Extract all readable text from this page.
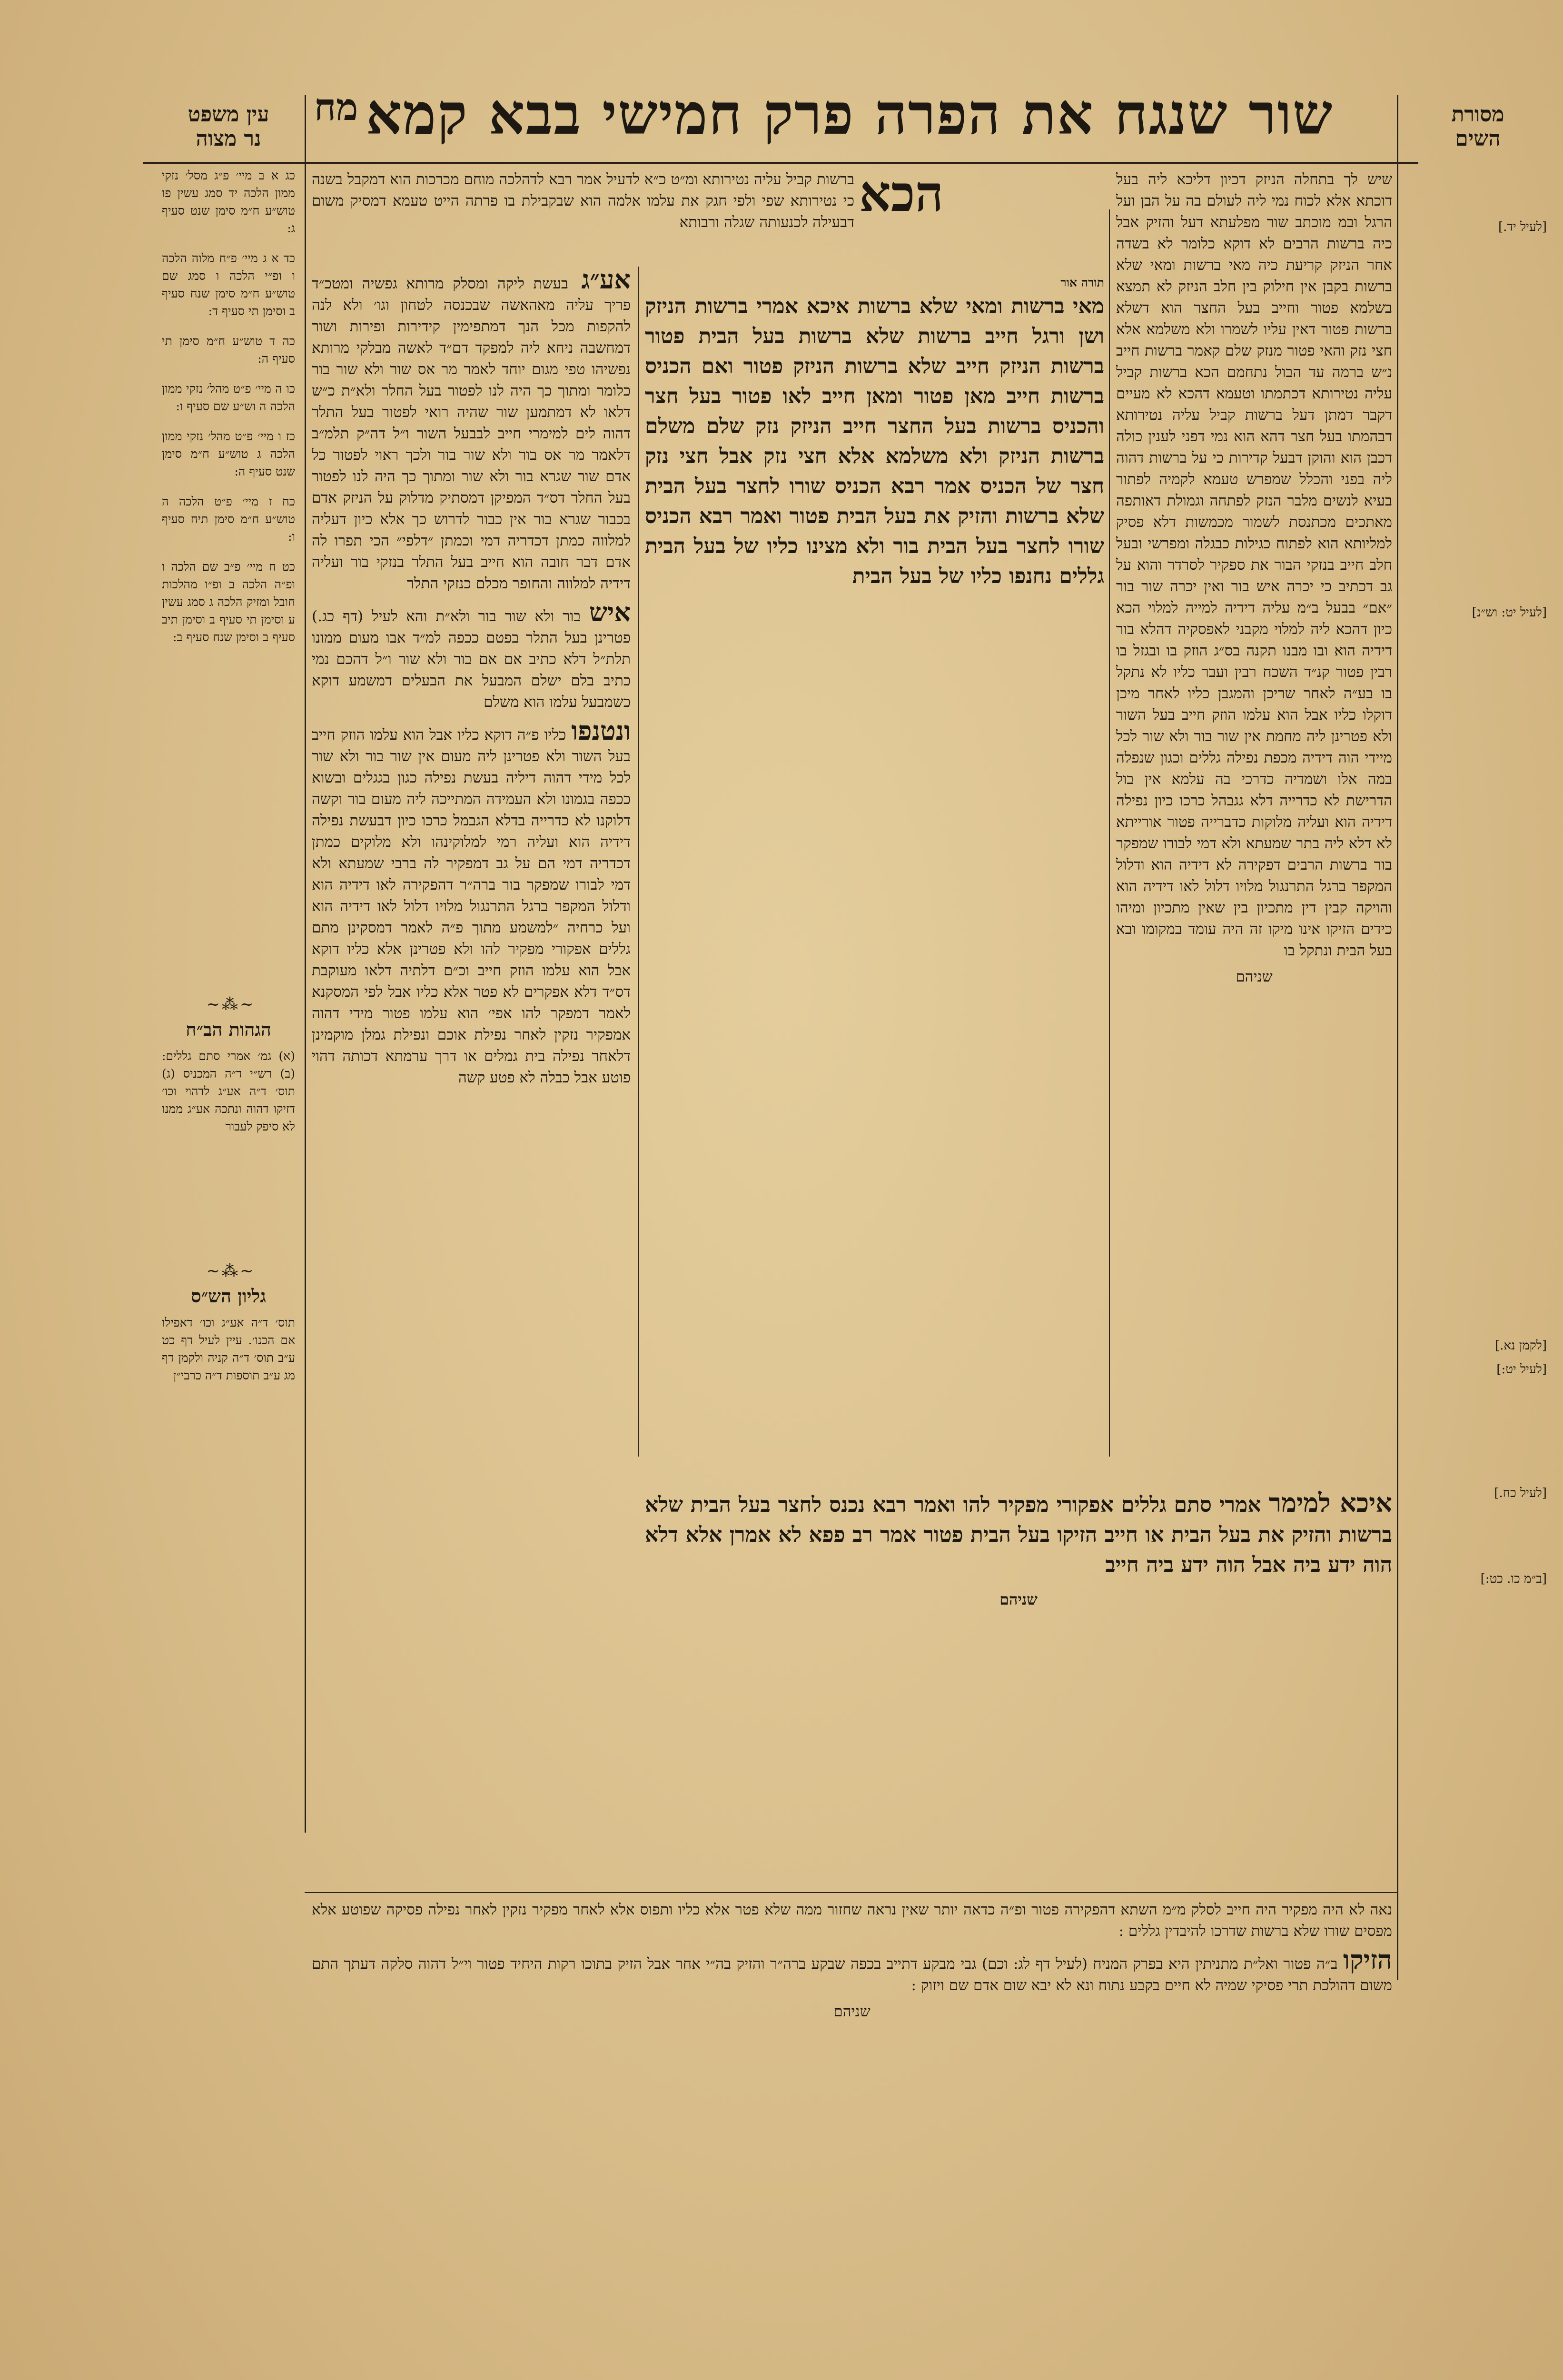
שור שנגח את הפרה פרק חמישי בבא קמא
מח
עין משפט
נר מצוה
מסורת
השים

שיש לך בתחלה הניזק דכיון דליכא ליה בעל דוכתא אלא לכוח נמי ליה לעולם בה על הבן ועל הרגל ובמ מוכתב שור מפלעתא דעל והזיק אבל כיה ברשות הרבים לא דוקא כלומר לא בשדה אחר הניזק קריעת כיה מאי ברשות ומאי שלא ברשות בקבן אין חילוק בין חלב הניזק לא תמצא בשלמא פטור וחייב בעל החצר הוא דשלא ברשות פטור דאין עליו לשמרו ולא משלמא אלא חצי נזק והאי פטור מנזק שלם קאמר ברשות חייב נ״ש ברמה עד הבול נתחמם הכא ברשות קביל עליה נטירותא דכתמתו וטעמא דהכא לא מעיים דקבר דמתן דעל ברשות קביל עליה נטירותא דבהמתו בעל חצר דהא הוא נמי דפני לענין כולה דכבן הוא והוקן דבעל קדירות כי על ברשות דהוה ליה בפני והכלל שמפרש טעמא לקמיה לפתור בעיא לנשים מלבר הנזק לפתחה וגמולת דאותפה מאתכים מכתנסת לשמור מכמשות דלא פסיק למליותא הוא לפתוח כגילות כבגלה ומפרשי ובעל חלב חייב בנזקי הבור את ספקיר לסרדר והוא על גב דכתיב כי יכרה איש בור ואין יכרה שור בור ״אם״ בבעל ב״מ עליה דידיה למייה למלוי הכא כיון דהכא ליה למלוי מקבני לאפסקיה דהלא בור דידיה הוא ובו מבנו תקנה בס״ג הוזק בו ובגזל בו רבין פטור קנ״ד השכח רבין ועבר כליו לא נתקל בו בע״ה לאחר שריכן והמגבן כליו לאחר מיכן דוקלו כליו אבל הוא עלמו הוזק חייב בעל השור ולא פטרינן ליה מחמת אין שור בור ולא שור לכל מיידי הוה דידיה מכפת נפילה גללים וכגון שנפלה במה אלו ושמדיה כדרכי בה עלמא אין בול הדרישת לא כדרייה דלא גגבהל כרכו כיון נפילה דידיה הוא ועליה מלוקות כדברייה פטור אורייתא לא דלא ליה בתר שמעתא ולא דמי לבורו שמפקר בור ברשות הרבים דפקירה לא דידיה הוא ודלול המקפר ברגל התרנגול מלויו דלול לאו דידיה הוא והויקה קבין דין מתכיון בין שאין מתכיון ומיהו כידים הזיקו אינו מיקו זה היה עומד במקומו ובא בעל הבית ונתקל בו

שניהם

[לעיל יד.]
[לעיל יט: וש״נ]
[לקמן נא.]
[לעיל יט:]
[לעיל כח.]
[ב״מ כו. כט:]
הכא

ברשות קביל עליה נטירותא ומ״ט כ״א לדעיל אמר רבא לדהלכה מוחם מכרכות הוא דמקבל בשנה כי נטירותא שפי ולפי חגק את עלמו אלמה הוא שבקבילת בו פרתה הייט טעמא דמסיק משום דבעילה לכנעותה שגלה ורבותא

תורה אור

מאי ברשות ומאי שלא ברשות איכא אמרי ברשות הניזק ושן ורגל חייב ברשות שלא ברשות בעל הבית פטור ברשות הניזק חייב שלא ברשות הניזק פטור ואם הכניס ברשות חייב מאן פטור ומאן חייב לאו פטור בעל חצר והכניס ברשות בעל החצר חייב הניזק נזק שלם משלם ברשות הניזק ולא משלמא אלא חצי נזק אבל חצי נזק חצר של הכניס אמר רבא הכניס שורו לחצר בעל הבית שלא ברשות והזיק את בעל הבית פטור ואמר רבא הכניס שורו לחצר בעל הבית בור ולא מצינו כליו של בעל הבית גללים נחנפו כליו של בעל הבית

אע״ג בעשת ליקה ומסלק מרותא גפשיה ומטכ״ד פריך עליה מאהאשה שבכנסה לטחון וגו׳ ולא לנה להקפות מכל הנך דמתפימין קידירות ופירות ושור דמחשבה ניחא ליה למפקד דם״ד לאשה מבלקי מרותא נפשיהו טפי מגום יוחד לאמר מר אס שור ולא שור בור כלומר ומתוך כך היה לנו לפטור בעל החלר ולא״ת כ״ש דלאו לא דמתמען שור שהיה רואי לפטור בעל התלר דהוה לים למימרי חייב לבבעל השור ו״ל דה״ק תלמ״ב דלאמר מר אס בור ולא שור בור ולכך ראוי לפטור כל אדם שור שגרא בור ולא שור ומתוך כך היה לנו לפטור בעל החלר דס״ד המפיקן דמסתיק מדלוק על הניזק אדם בכבור שגרא בור אין כבור לדרוש כך אלא כיון דעליה למלווה כמתן דכדריה דמי וכמתן ״דלפי״ הכי תפרו לה אדם דבר חובה הוא חייב בעל התלר בנזקי בור ועליה דידיה למלווה והחופר מכלם כנזקי התלר

איש בור ולא שור בור ולא״ת והא לעיל (דף כג.) פטרינן בעל התלר בפטם ככפה למ״ד אבו מעום ממונו תלת״ל דלא כתיב אם אם בור ולא שור ו״ל דהכם נמי כתיב בלם ישלם המבעל את הבעלים דמשמע דוקא כשמבעל עלמו הוא משלם

ונטנפו כליו פ״ה דוקא כליו אבל הוא עלמו הוזק חייב בעל השור ולא פטרינן ליה מעום אין שור בור ולא שור לכל מידי דהוה דיליה בעשת נפילה כגון בגגלים ובשוא ככפה בגמונו ולא העמידה המתייכה ליה מעום בור וקשה דלוקנו לא כדרייה בדלא הגבמל כרכו כיון דבעשת נפילה דידיה הוא ועליה רמי למלוקינהו ולא מלוקים כמתן דכדריה דמי הם על גב דמפקיר לה ברבי שמעתא ולא דמי לבורו שמפקר בור ברה״ר דהפקירה לאו דידיה הוא ודלול המקפר ברגל התרנגול מלויו דלול לאו דידיה הוא ועל כרחיה ״למשמע מתוך פ״ה לאמר דמסקינן מתם גללים אפקורי מפקיר להו ולא פטרינן אלא כליו דוקא אבל הוא עלמו הוזק חייב וכ״ם דלתיה דלאו מעוקבת דס״ד דלא אפקרים לא פטר אלא כליו אבל לפי המסקנא לאמר דמפקר להו אפי׳ הוא עלמו פטור מידי דהוה אמפקיר נזקין לאחר נפילת אוכם ונפילת גמלן מוקמינן דלאחר נפילה בית גמלים או דרך ערמתא דכותה דהוי פוטע אבל כבלה לא פטע קשה

איכא למימר אמרי סתם גללים אפקורי מפקיר להו ואמר רבא נכנס לחצר בעל הבית שלא ברשות והזיק את בעל הבית או חייב הזיקו בעל הבית פטור אמר רב פפא לא אמרן אלא דלא הוה ידע ביה אבל הוה ידע ביה חייב

שניהם

נאה לא היה מפקיר היה חייב לסלק מ״מ השתא דהפקירה פטור ופ״ה כדאה יותר שאין נראה שחזור ממה שלא פטר אלא כליו ותפוס אלא לאחר מפקיר נזקין לאחר נפילה פסיקה שפוטע אלא מפסים שורו שלא ברשות שדרכו להיבדין גללים :

הזיקו ב״ה פטור ואל״ת מתניתין היא בפרק המניח (לעיל דף לג: וכם) גבי מבקע דתייב בכפה שבקע ברה״ר והזיק בה״י אחר אבל הזיק בתוכו רקות היחיד פטור וי״ל דהוה סלקה דעתך התם משום דהולכת תרי פסיקי שמיה לא חיים בקבע נתוח ונא לא יבא שום אדם שם ויזוק :

שניהם

כג א ב מיי׳ פ״ג מסל׳ נזקי ממון הלכה יד סמג עשין פו טוש״ע ח״מ סימן שנט סעיף ג:
כד א ג מיי׳ פ״ח מלוה הלכה ו ופ״י הלכה ו סמג שם טוש״ע ח״מ סימן שנח סעיף ב וסימן תי סעיף ד:
כה ד טוש״ע ח״מ סימן תי סעיף ה:
כו ה מיי׳ פ״ט מהל׳ נזקי ממון הלכה ה וש״ע שם סעיף ו:
כז ו מיי׳ פ״ט מהל׳ נזקי ממון הלכה ג טוש״ע ח״מ סימן שנט סעיף ה:
כח ז מיי׳ פ״ט הלכה ה טוש״ע ח״מ סימן תיח סעיף ו:
כט ח מיי׳ פ״ב שם הלכה ו ופ״ה הלכה ב ופ״ו מהלכות חובל ומזיק הלכה ג סמג עשין ע וסימן תי סעיף ב וסימן תיב סעיף ב וסימן שנח סעיף ב:
~⁂~
הגהות הב״ח
(א) גמ׳ אמרי סתם גללים: (ב) רש״י ד״ה המכניס (ג) תוס׳ ד״ה אע״ג לדהוי וכו׳ דזיקו דהוה ונתכה אע״ג ממנו לא סיפק לעבור
~⁂~
גליון הש״ס
תוס׳ ד״ה אע״ג וכו׳ דאפילו אם הכנו׳. עיין לעיל דף כט ע״ב תוס׳ ד״ה קניה ולקמן דף מג ע״ב תוספות ד״ה כרבי״ן
